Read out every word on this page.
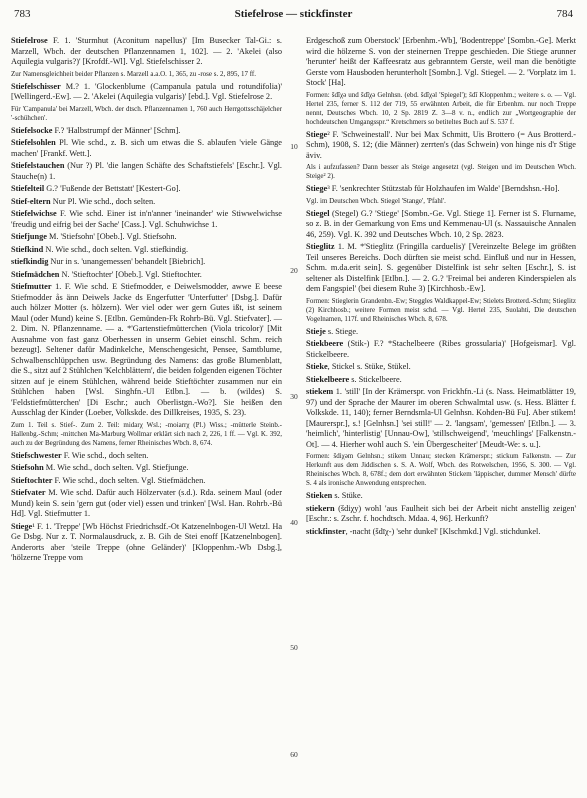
783	Stiefelrose — stickfinster	784

Stiefelrose F. 1. 'Sturmhut (Aconitum napellus)' [Im Busecker Tal-Gi.: s. Marzell, Wbch. der deutschen Pflanzennamen 1, 102]. — 2. 'Akelei (also Aquilegia vulgaris?)' [Krofdf.-Wl]. Vgl. Stiefelschisser 2.

Zur Namensgleichheit beider Pflanzen s. Marzell a.a.O. 1, 365, zu -rose s. 2, 895, 17 ff.

Stiefelschisser M.? 1. 'Glockenblume (Campanula patula und rotundifolia)' [Wellingerd.-Ew]. — 2. 'Akelei (Aquilegia vulgaris)' [ebd.]. Vgl. Stiefelrose 2.

Für 'Campanula' bei Marzell, Wbch. der dtsch. Pflanzennamen 1, 760 auch Herrgottsschäjelcher '-schühchen'.

Stiefelsocke F.? 'Halbstrumpf der Männer' [Schm].

Stiefelsohlen Pl. Wie schd., z. B. sich um etwas die S. ablaufen 'viele Gänge machen' [Frankf. Wett.].

Stiefelstauchen (Nur ?) Pl. 'die langen Schäfte des Schaftstiefels' [Eschr.]. Vgl. Stauche(n) 1.

Stiefelteil G.? 'Fußende der Bettstatt' [Kestert-Go].

Stief-eltern Nur Pl. Wie schd., doch selten.

Stiefelwichse F. Wie schd. Einer ist in'n'anner 'ineinander' wie Stiwwelwichse 'freudig und eifrig bei der Sache' [Cass.]. Vgl. Schuhwichse 1.

Stiefjunge M. 'Stiefsohn' [Obeb.]. Vgl. Stiefsohn.

Stiefkind N. Wie schd., doch selten. Vgl. stiefkindig.

stiefkindig Nur in s. 'unangemessen' behandelt [Biebrich].

Stiefmädchen N. 'Stieftochter' [Obeb.]. Vgl. Stieftochter.

Stiefmutter 1. F. Wie schd. E Stiefmodder, e Deiwelsmodder, awwe E beese Stiefmodder ås änn Deiwels Jacke ds Engerfutter 'Unterfutter' [Dsbg.]. Dafür auch hölzer Motter (s. hölzern). Wer viel oder wer gern Gutes ißt, ist seinem Maul (oder Mund) keine S. [Etlbn. Gemünden-Fk Rohrb-Bü. Vgl. Stiefvater]. — 2. Dim. N. Pflanzenname. — a. *'Gartenstiefmütterchen (Viola tricolor)' [Mit Ausnahme von fast ganz Oberhessen in unserm Gebiet einschl. Schm. reich bezeugt]. Seltener dafür Madinkelche, Menschengesicht, Pensee, Samtblume, Schwalbenschlüppchen usw. Begründung des Namens: das große Blumenblatt, die S., sitzt auf 2 Stühlchen 'Kelchblättern', die beiden folgenden eigenen Töchter sitzen auf je einem Stühlchen, während beide Stieftöchter zusammen nur ein Stühlchen haben [Wsl. Singhfn.-Ul Etlbn.]. — b. (wildes) S. 'Feldstiefmütterchen' [Di Eschr.; auch Oberlistgn.-Wo?]. Sie heißen den Ausschlag der Kinder (Loeber, Volkskde. des Dillkreises, 1935, S. 23).

Zum 1. Teil s. Stief-. Zum 2. Teil: midarχ Wsl.; -moiarrχ (Pl.) Wiss.; -mütterle Steinb.-Hallenbg.-Schm; -mittchen Ma-Marburg Wollmar erklärt sich nach 2, 226, 1 ff. — Vgl. K. 392, auch zu der Begründung des Namens, ferner Rheinisches Wbch. 8, 674.

Stiefschwester F. Wie schd., doch selten.

Stiefsohn M. Wie schd., doch selten. Vgl. Stiefjunge.

Stieftochter F. Wie schd., doch selten. Vgl. Stiefmädchen.

Stiefvater M. Wie schd. Dafür auch Hölzervater (s.d.). Rda. seinem Maul (oder Mund) kein S. sein 'gern gut (oder viel) essen und trinken' [Wsl. Han. Rohrb.-Bü Hd]. Vgl. Stiefmutter 1.

Stiege¹ F. 1. 'Treppe' [Wb Höchst Friedrichsdf.-Ot Katzenelnbogen-Ul Wetzl. Ha Ge Dsbg. Nur z. T. Normalausdruck, z. B. Gih de Stei enoff [Katzenelnbogen]. Anderorts aber 'steile Treppe (ohne Geländer)' [Kloppenhm.-Wb Dsbg.], 'hölzerne Treppe vom

10
20
30
40
50
60

Erdgeschoß zum Oberstock' [Erbenhm.-Wb], 'Bodentreppe' [Sombn.-Ge]. Merkt wird die hölzerne S. von der steinernen Treppe geschieden. Die Stiege arunner 'herunter' heißt der Kaffeesratz aus gebranntem Gerste, weil man die benötigte Gerste vom Hausboden herunterholt [Sombn.]. Vgl. Stiegel. — 2. 'Vorplatz im 1. Stock' [Ha].

Formen: šdīχə und šdīχə Gelnhsn. (ebd. šdīχəl 'Spiegel'); šdī Kloppenhm.; weitere s. o. — Vgl. Hertel 235, ferner S. 112 der 719, 55 erwähnten Arbeit, die für Erbenhm. nur noch Treppe nennt, Deutsches Wbch. 10, 2 Sp. 2819 Z. 3—8 v. n., endlich zur „Wortgeographie der hochdeutschen Umgangsspr.“ Kretschmers so betiteltes Buch auf S. 537 f.

Stiege² F. 'Schweinestall'. Nur bei Max Schmitt, Uis Brottero (= Aus Brotterd.-Schm), 1908, S. 12; (die Männer) zerrten's (das Schwein) von hinge nis d'r Stige äviv.

Als i aufzufassen? Dann besser als Steige angesetzt (vgl. Steigen und im Deutschen Wbch. Steige² 2).

Stiege³ F. 'senkrechter Stützstab für Holzhaufen im Walde' [Berndshsn.-Ho].

Vgl. im Deutschen Wbch. Stiegel 'Stange', 'Pfahl'.

Stiegel (Stegel) G.? 'Stiege' [Sombn.-Ge. Vgl. Stiege 1]. Ferner ist S. Flurname, so z. B. in der Gemarkung von Ems und Kemmenau-Ul (s. Nassauische Annalen 46, 259). Vgl. K. 392 und Deutsches Wbch. 10, 2 Sp. 2823.

Stieglitz 1. M. *'Stieglitz (Fringilla carduelis)' [Vereinzelte Belege im größten Teil unseres Bereichs. Doch dürften sie meist schd. Einfluß und nur in Hessen, Schm. m.da.erit sein]. S. gegenüber Distelfink ist sehr selten [Eschr.], S. ist seltener als Distelfink [Etlbn.]. — 2. G.? 'Freimal bei anderen Kinderspielen als dem Fangspiel' (bei diesem Ruhe 3) [Kirchhosb.-Ew].

Formen: Stieglerin Grandenbn.-Ew; Steggles Waldkappel-Ew; Stielets Brotterd.-Schm; Stieglitz (2) Kirchhosb.; weitere Formen meist schd. — Vgl. Hertel 235, Suolahti, Die deutschen Vogelnamen, 117f. und Rheinisches Wbch. 8, 678.

Stieje s. Stiege.

Stiekbeere (Stik-) F.? *Stachelbeere (Ribes grossularia)' [Hofgeismar]. Vgl. Stickelbeere.

Stieke, Stickel s. Stüke, Stükel.

Stiekelbeere s. Stickelbeere.

stiekem 1. 'still' [In der Krämerspr. von Frickhfn.-Li (s. Nass. Heimatblätter 19, 97) und der Sprache der Maurer im oberen Schwalmtal usw. (s. Hess. Blätter f. Volkskde. 11, 140); ferner Berndsmla-Ul Gelnhsn. Kohden-Bü Fu]. Aber stikem! [Maurerspr.], s.! [Gelnhsn.] 'sei still!' — 2. 'langsam', 'gemessen' [Etlbn.]. — 3. 'heimlich', 'hinterlistig' [Unnau-Ow], 'stillschweigend', 'meuchlings' [Falkenstn.-Ot]. — 4. Hierher wohl auch S. 'ein Übergescheiter' [Meudt-We: s. u.].

Formen: šdiχəm Gelnhsn.; stikem Unnau; stecken Krämerspr.; stickum Falkenstn. — Zur Herkunft aus dem Jiddischen s. S. A. Wolf, Wbch. des Rotwelschen, 1956, S. 300. — Vgl. Rheinisches Wbch. 8, 678f.; dem dort erwähnten Stickem 'läppischer, dummer Mensch' dürfte S. 4 als ironische Anwendung entsprechen.

Stieken s. Stüke.

stiekern (šdiχy) wohl 'aus Faulheit sich bei der Arbeit nicht anstellig zeigen' [Eschr.: s. Zschr. f. hochdtsch. Mdaa. 4, 96]. Herkunft?

stickfinster, -nacht (šdīχ-) 'sehr dunkel' [Klschmkd.] Vgl. stichdunkel.
